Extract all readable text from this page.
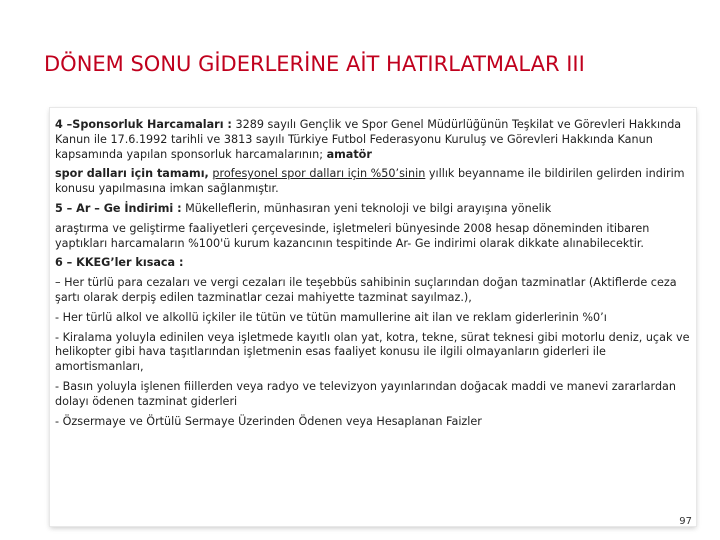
DÖNEM SONU GİDERLERİNE AİT HATIRLATMALAR III

4 –Sponsorluk Harcamaları : 3289 sayılı Gençlik ve Spor Genel Müdürlüğünün Teşkilat ve Görevleri Hakkında Kanun ile 17.6.1992 tarihli ve 3813 sayılı Türkiye Futbol Federasyonu Kuruluş ve Görevleri Hakkında Kanun kapsamında yapılan sponsorluk harcamalarının; amatör

spor dalları için tamamı, profesyonel spor dalları için %50’sinin yıllık beyanname ile bildirilen gelirden indirim konusu yapılmasına imkan sağlanmıştır.

5 – Ar – Ge İndirimi : Mükelleflerin, münhasıran yeni teknoloji ve bilgi arayışına yönelik

araştırma ve geliştirme faaliyetleri çerçevesinde, işletmeleri bünyesinde 2008 hesap döneminden itibaren yaptıkları harcamaların %100'ü kurum kazancının tespitinde Ar- Ge indirimi olarak dikkate alınabilecektir.

6 – KKEG’ler kısaca :

– Her türlü para cezaları ve vergi cezaları ile teşebbüs sahibinin suçlarından doğan tazminatlar (Aktiflerde ceza şartı olarak derpiş edilen tazminatlar cezai mahiyette tazminat sayılmaz.),

- Her türlü alkol ve alkollü içkiler ile tütün ve tütün mamullerine ait ilan ve reklam giderlerinin %0’ı

- Kiralama yoluyla edinilen veya işletmede kayıtlı olan yat, kotra, tekne, sürat teknesi gibi motorlu deniz, uçak ve helikopter gibi hava taşıtlarından işletmenin esas faaliyet konusu ile ilgili olmayanların giderleri ile amortismanları,

- Basın yoluyla işlenen fiillerden veya radyo ve televizyon yayınlarından doğacak maddi ve manevi zararlardan dolayı ödenen tazminat giderleri

- Özsermaye ve Örtülü Sermaye Üzerinden Ödenen veya Hesaplanan Faizler

97
